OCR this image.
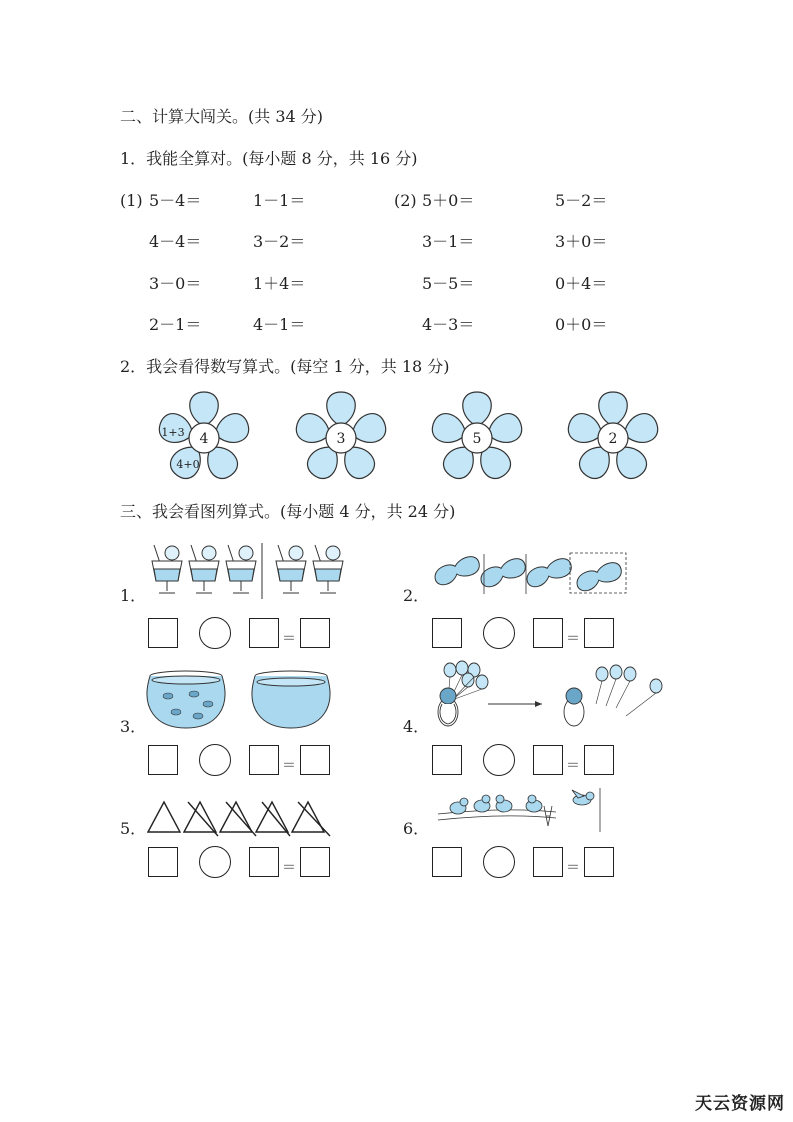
二、计算大闯关。(共 34 分)
1．我能全算对。(每小题 8 分，共 16 分)
(1)	(2)
5－4＝	1－1＝	5＋0＝	5－2＝
4－4＝	3－2＝	3－1＝	3＋0＝
3－0＝	1＋4＝	5－5＝	0＋4＝
2－1＝	4－1＝	4－3＝	0＋0＝
2．我会看得数写算式。(每空 1 分，共 18 分)
4
1+3
4+0
3	5	2
三、我会看图列算式。(每小题 4 分，共 24 分)
1．
＝
2．
＝
3．
＝
4．
＝
5．
＝
6．
＝
天云资源网
